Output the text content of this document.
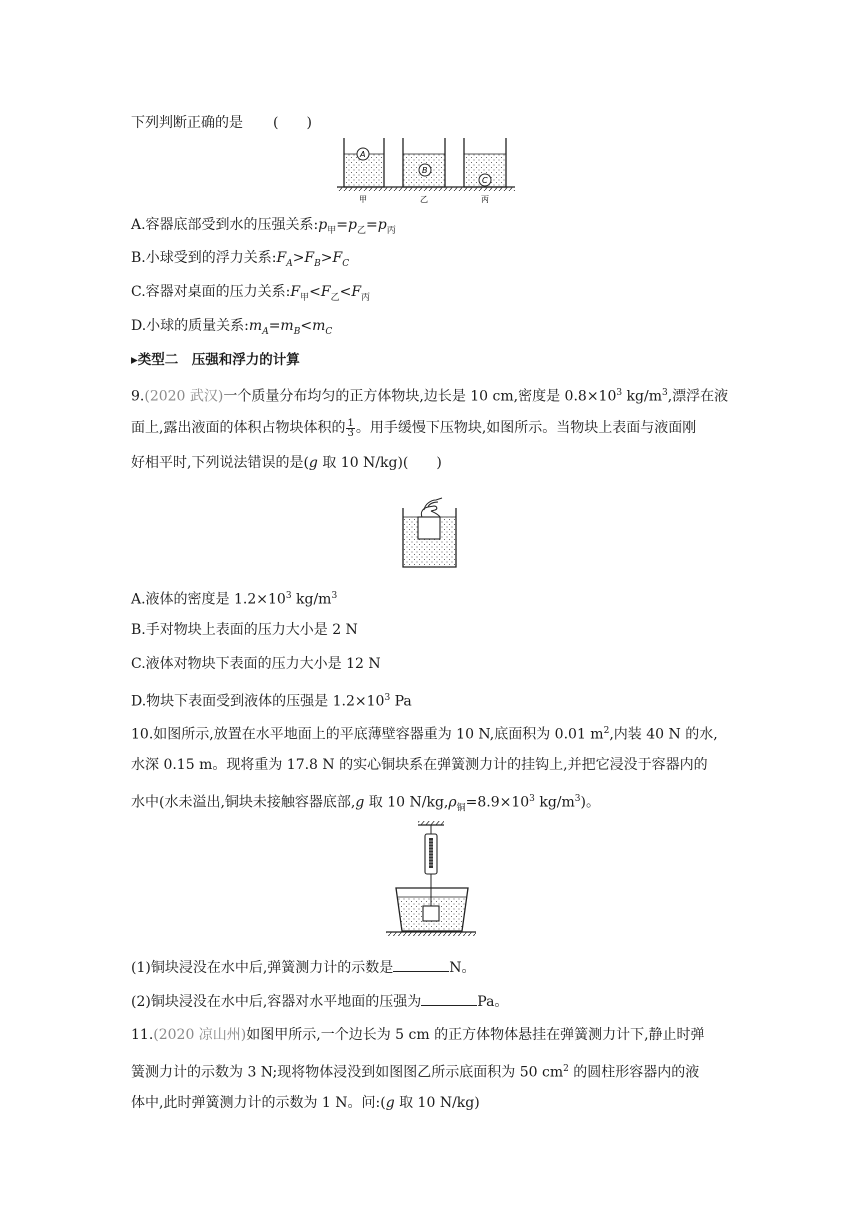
下列判断正确的是 (　　)
A
B
C
甲	乙	丙
A.容器底部受到水的压强关系$:p_甲=p_乙=p_丙$
B.小球受到的浮力关系$:F_A>F_B>F_C$
C.容器对桌面的压力关系$:F_甲<F_乙<F_丙$
D.小球的质量关系$:m_A=m_B<m_C$
▸类型二　压强和浮力的计算
9.(2020 武汉)一个质量分布均匀的正方体物块,边长是 10 cm,密度是 $0.8\times 10^3$ $kg/m^3$,漂浮在液
面上,露出液面的体积占物块体积的 $\frac{1}{3}$ 。用手缓慢下压物块,如图所示。当物块上表面与液面刚
好相平时,下列说法错误的是(g 取 10 N/kg)(　　)
A.液体的密度是 $1.2\times 10^3$ $kg/m^3$
B.手对物块上表面的压力大小是 2 N
C.液体对物块下表面的压力大小是 12 N
D.物块下表面受到液体的压强是 $1.2\times 10^3$ Pa
10.如图所示,放置在水平地面上的平底薄壁容器重为 10 N,底面积为 0.01 $m^2$,内装 40 N 的水,
水深 0.15 m。现将重为 17.8 N 的实心铜块系在弹簧测力计的挂钩上,并把它浸没于容器内的
水中(水未溢出,铜块未接触容器底部,g 取 10 $N/kg,\rho_铜=8.9\times 10^3$ $kg/m^3$)。
(1)铜块浸没在水中后,弹簧测力计的示数是	N。
(2)铜块浸没在水中后,容器对水平地面的压强为	Pa。
11.(2020 凉山州)如图甲所示,一个边长为 5 cm 的正方体物体悬挂在弹簧测力计下,静止时弹
簧测力计的示数为 3 N;现将物体浸没到如图图乙所示底面积为 50 $cm^2$ 的圆柱形容器内的液
体中,此时弹簧测力计的示数为 1 N。问:(g 取 10 N/kg)
